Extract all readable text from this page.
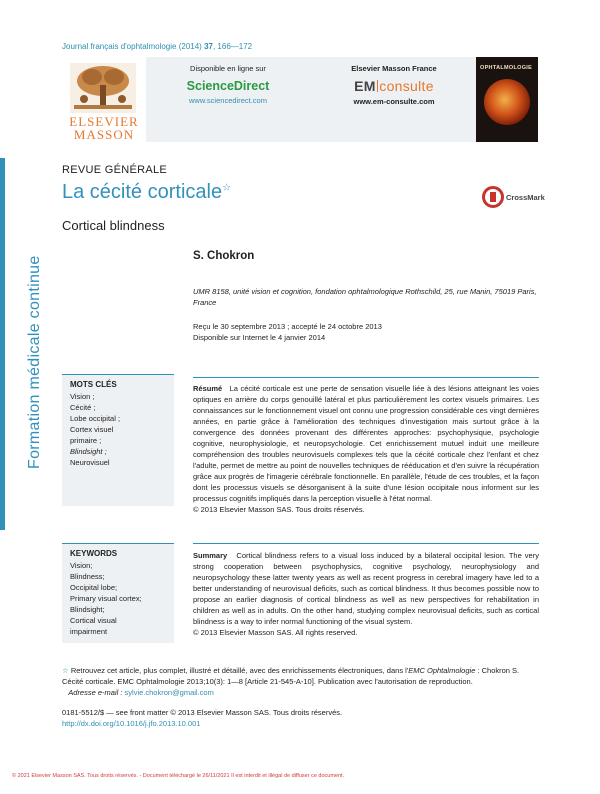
Journal français d'ophtalmologie (2014) 37, 166—172
ELSEVIER
MASSON
Disponible en ligne sur
ScienceDirect
www.sciencedirect.com
Elsevier Masson France
EM consulte
www.em-consulte.com
OPHTALMOLOGIE
Formation médicale continue
REVUE GÉNÉRALE
La cécité corticale☆
CrossMark
Cortical blindness
S. Chokron
UMR 8158, unité vision et cognition, fondation ophtalmologique Rothschild, 25, rue Manin, 75019 Paris, France
Reçu le 30 septembre 2013 ; accepté le 24 octobre 2013
Disponible sur Internet le 4 janvier 2014
MOTS CLÉS
Vision ;
Cécité ;
Lobe occipital ;
Cortex visuel
primaire ;
Blindsight ;
Neurovisuel
Résumé La cécité corticale est une perte de sensation visuelle liée à des lésions atteignant les voies optiques en arrière du corps genouillé latéral et plus particulièrement les cortex visuels primaires. Les connaissances sur le fonctionnement visuel ont connu une progression considérable ces vingt dernières années, en partie grâce à l'amélioration des techniques d'investigation mais surtout grâce à la convergence des données provenant des différentes approches: psychophysique, psychologie cognitive, neurophysiologie, et neuropsychologie. Cet enrichissement mutuel induit une meilleure compréhension des troubles neurovisuels complexes tels que la cécité corticale chez l'enfant et chez l'adulte, permet de mettre au point de nouvelles techniques de rééducation et d'en suivre la récupération grâce aux progrès de l'imagerie cérébrale fonctionnelle. En parallèle, l'étude de ces troubles, et la façon dont les processus visuels se désorganisent à la suite d'une lésion occipitale nous informent sur les processus cognitifs impliqués dans la perception visuelle à l'état normal.
© 2013 Elsevier Masson SAS. Tous droits réservés.
KEYWORDS
Vision;
Blindness;
Occipital lobe;
Primary visual cortex;
Blindsight;
Cortical visual
impairment
Summary Cortical blindness refers to a visual loss induced by a bilateral occipital lesion. The very strong cooperation between psychophysics, cognitive psychology, neurophysiology and neuropsychology these latter twenty years as well as recent progress in cerebral imagery have led to a better understanding of neurovisual deficits, such as cortical blindness. It thus becomes possible now to propose an earlier diagnosis of cortical blindness as well as new perspectives for rehabilitation in children as well as in adults. On the other hand, studying complex neurovisual deficits, such as cortical blindness is a way to infer normal functioning of the visual system.
© 2013 Elsevier Masson SAS. All rights reserved.
☆ Retrouvez cet article, plus complet, illustré et détaillé, avec des enrichissements électroniques, dans l'EMC Ophtalmologie : Chokron S. Cécité corticale. EMC Ophtalmologie 2013;10(3): 1—8 [Article 21-545-A-10]. Publication avec l'autorisation de reproduction.
Adresse e-mail : sylvie.chokron@gmail.com
0181-5512/$ — see front matter © 2013 Elsevier Masson SAS. Tous droits réservés.
http://dx.doi.org/10.1016/j.jfo.2013.10.001
© 2021 Elsevier Masson SAS. Tous droits réservés. - Document téléchargé le 26/11/2021 Il est interdit et illégal de diffuser ce document.
